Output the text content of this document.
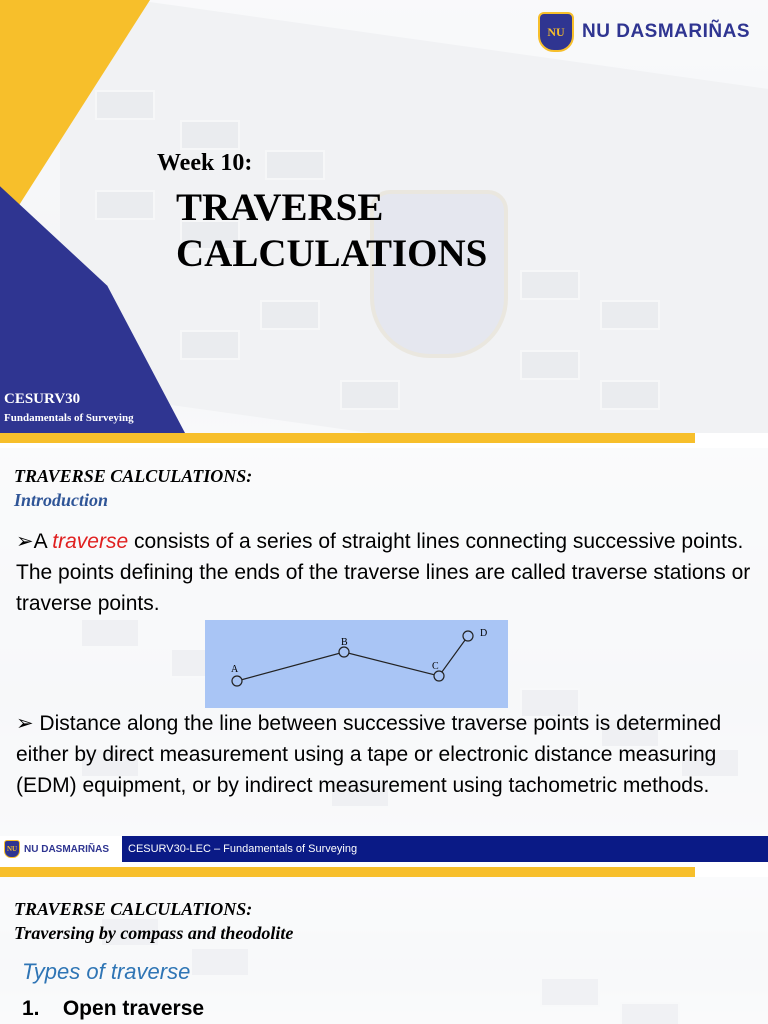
NU NU DASMARIÑAS
Week 10:
TRAVERSE
CALCULATIONS
CESURV30
Fundamentals of Surveying
TRAVERSE CALCULATIONS:
Introduction
➢A traverse consists of a series of straight lines connecting successive points. The points defining the ends of the traverse lines are called traverse stations or traverse points.
A
B
C
D
➢ Distance along the line between successive traverse points is determined either by direct measurement using a tape or electronic distance measuring (EDM) equipment, or by indirect measurement using tachometric methods.
NU NU DASMARIÑAS	CESURV30-LEC – Fundamentals of Surveying
TRAVERSE CALCULATIONS:
Traversing by compass and theodolite
Types of traverse
1.    Open traverse
